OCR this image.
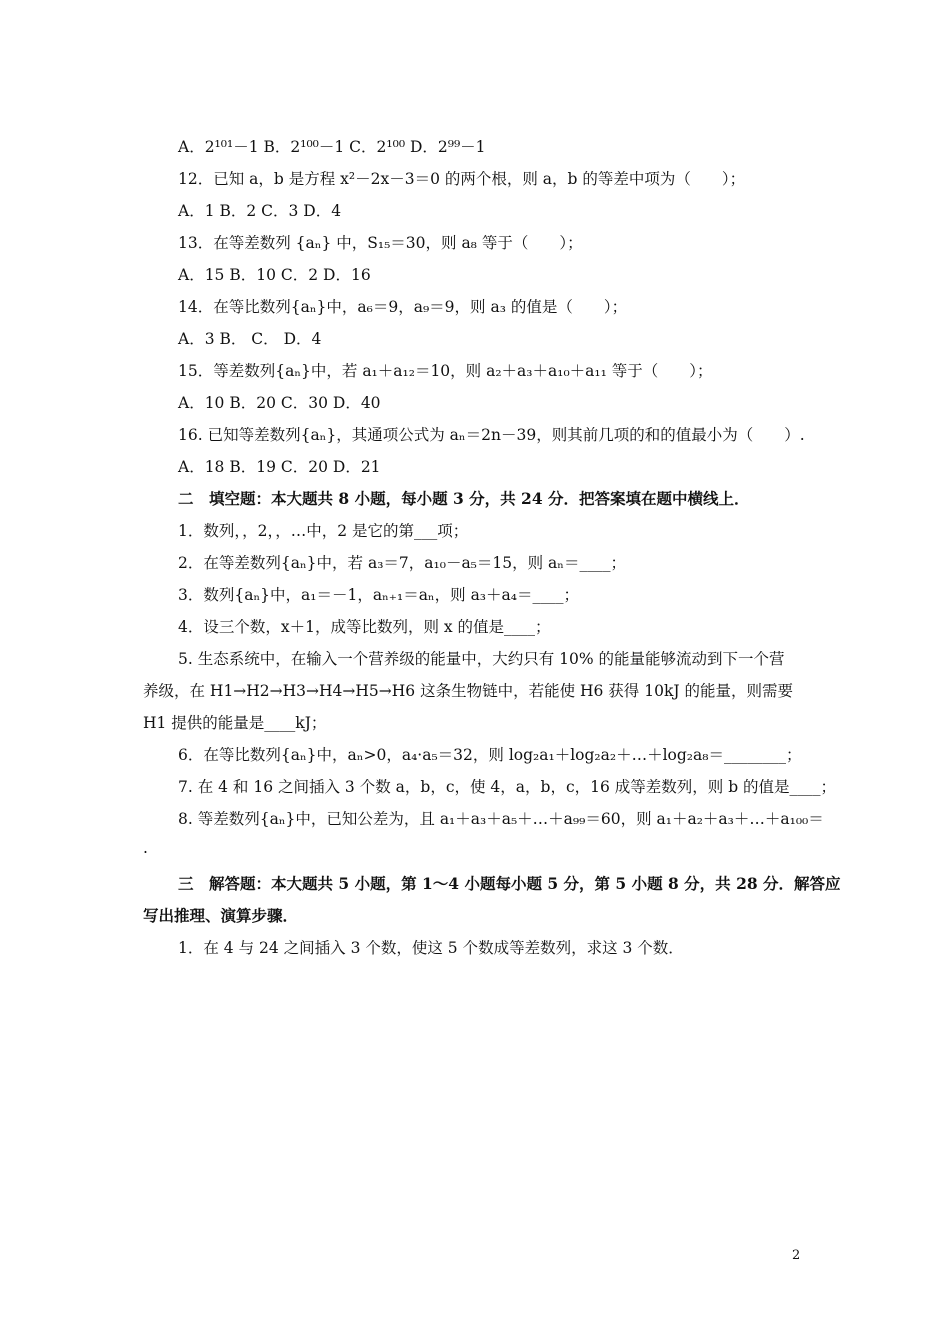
A．2¹⁰¹－1 B．2¹⁰⁰－1 C．2¹⁰⁰ D．2⁹⁹－1
12．已知 a，b 是方程 x²－2x－3＝0 的两个根，则 a，b 的等差中项为（　　）；
A．1 B．2 C．3 D．4
13．在等差数列 {aₙ} 中，S₁₅＝30，则 a₈ 等于（　　）；
A．15 B．10 C．2 D．16
14．在等比数列{aₙ}中，a₆＝9，a₉＝9，则 a₃ 的值是（　　）；
A．3 B． C． D．4
15．等差数列{aₙ}中，若 a₁＋a₁₂＝10，则 a₂＋a₃＋a₁₀＋a₁₁ 等于（　　）；
A．10 B．20 C．30 D．40
16. 已知等差数列{aₙ}，其通项公式为 aₙ＝2n－39，则其前几项的和的值最小为（　　）.
A．18 B．19 C．20 D．21
二　填空题：本大题共 8 小题，每小题 3 分，共 24 分．把答案填在题中横线上．
1．数列，，2，，…中，2 是它的第___项；
2．在等差数列{aₙ}中，若 a₃＝7，a₁₀－a₅＝15，则 aₙ＝____；
3．数列{aₙ}中，a₁＝－1，aₙ₊₁＝aₙ，则 a₃＋a₄＝____；
4．设三个数，x＋1，成等比数列，则 x 的值是____；
5. 生态系统中，在输入一个营养级的能量中，大约只有 10% 的能量能够流动到下一个营
养级，在 H1→H2→H3→H4→H5→H6 这条生物链中，若能使 H6 获得 10kJ 的能量，则需要
H1 提供的能量是____kJ；
6．在等比数列{aₙ}中，aₙ>0，a₄·a₅＝32，则 log₂a₁＋log₂a₂＋…＋log₂a₈＝________；
7. 在 4 和 16 之间插入 3 个数 a，b，c，使 4，a，b，c，16 成等差数列，则 b 的值是____；
8. 等差数列{aₙ}中，已知公差为，且 a₁＋a₃＋a₅＋…＋a₉₉＝60，则 a₁＋a₂＋a₃＋…＋a₁₀₀＝
.
三　解答题：本大题共 5 小题，第 1～4 小题每小题 5 分，第 5 小题 8 分，共 28 分．解答应
写出推理、演算步骤．
1．在 4 与 24 之间插入 3 个数，使这 5 个数成等差数列，求这 3 个数．
2
